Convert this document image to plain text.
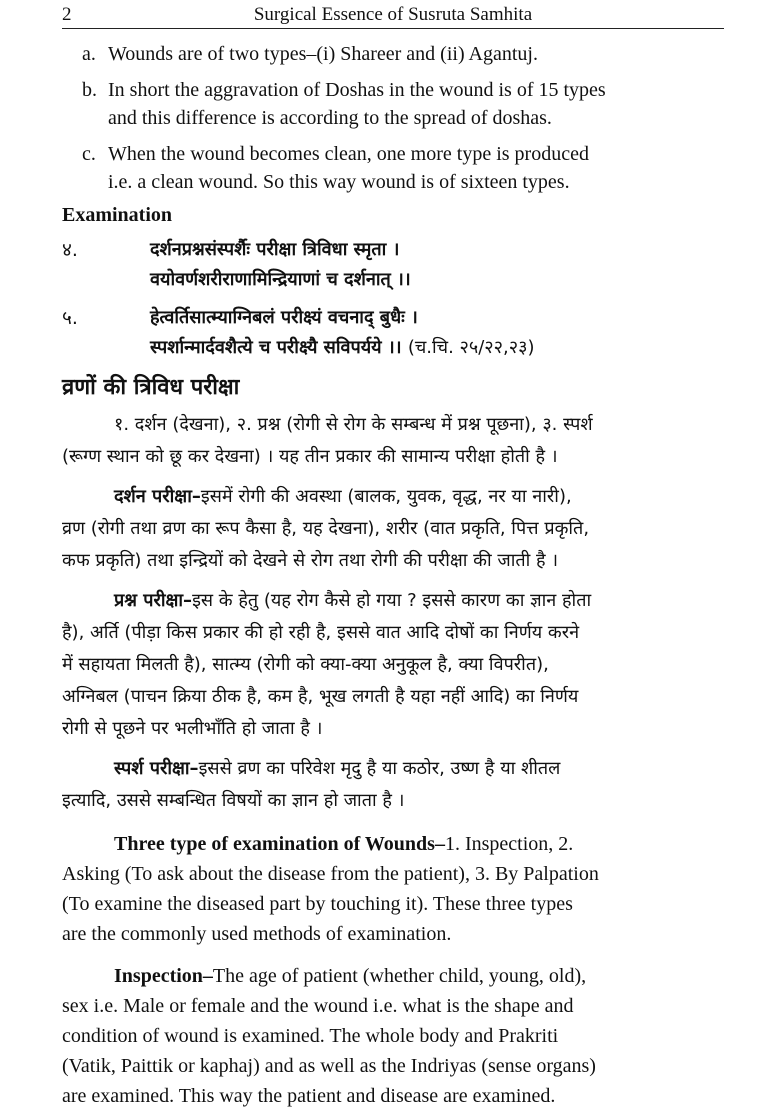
2	Surgical Essence of Susruta Samhita
a. Wounds are of two types–(i) Shareer and (ii) Agantuj.
b. In short the aggravation of Doshas in the wound is of 15 types
and this difference is according to the spread of doshas.
c. When the wound becomes clean, one more type is produced
i.e. a clean wound. So this way wound is of sixteen types.
Examination
४.	दर्शनप्रश्नसंस्पर्शैः परीक्षा त्रिविधा स्मृता ।
वयोवर्णशरीराणामिन्द्रियाणां च दर्शनात् ।।
५.	हेत्वर्तिसात्म्याग्निबलं परीक्ष्यं वचनाद् बुधैः ।
स्पर्शान्मार्दवशैत्ये च परीक्ष्यै सविपर्यये ।। (च.चि. २५/२२,२३)
व्रणों की त्रिविध परीक्षा
१. दर्शन (देखना), २. प्रश्न (रोगी से रोग के सम्बन्ध में प्रश्न पूछना), ३. स्पर्श
(रूग्ण स्थान को छू कर देखना) । यह तीन प्रकार की सामान्य परीक्षा होती है ।
दर्शन परीक्षा–इसमें रोगी की अवस्था (बालक, युवक, वृद्ध, नर या नारी),
व्रण (रोगी तथा व्रण का रूप कैसा है, यह देखना), शरीर (वात प्रकृति, पित्त प्रकृति,
कफ प्रकृति) तथा इन्द्रियों को देखने से रोग तथा रोगी की परीक्षा की जाती है ।
प्रश्न परीक्षा–इस के हेतु (यह रोग कैसे हो गया ? इससे कारण का ज्ञान होता
है), अर्ति (पीड़ा किस प्रकार की हो रही है, इससे वात आदि दोषों का निर्णय करने
में सहायता मिलती है), सात्म्य (रोगी को क्या-क्या अनुकूल है, क्या विपरीत),
अग्निबल (पाचन क्रिया ठीक है, कम है, भूख लगती है यहा नहीं आदि) का निर्णय
रोगी से पूछने पर भलीभाँति हो जाता है ।
स्पर्श परीक्षा–इससे व्रण का परिवेश मृदु है या कठोर, उष्ण है या शीतल
इत्यादि, उससे सम्बन्धित विषयों का ज्ञान हो जाता है ।
Three type of examination of Wounds–1. Inspection, 2.
Asking (To ask about the disease from the patient), 3. By Palpation
(To examine the diseased part by touching it). These three types
are the commonly used methods of examination.
Inspection–The age of patient (whether child, young, old),
sex i.e. Male or female and the wound i.e. what is the shape and
condition of wound is examined. The whole body and Prakriti
(Vatik, Paittik or kaphaj) and as well as the Indriyas (sense organs)
are examined. This way the patient and disease are examined.
